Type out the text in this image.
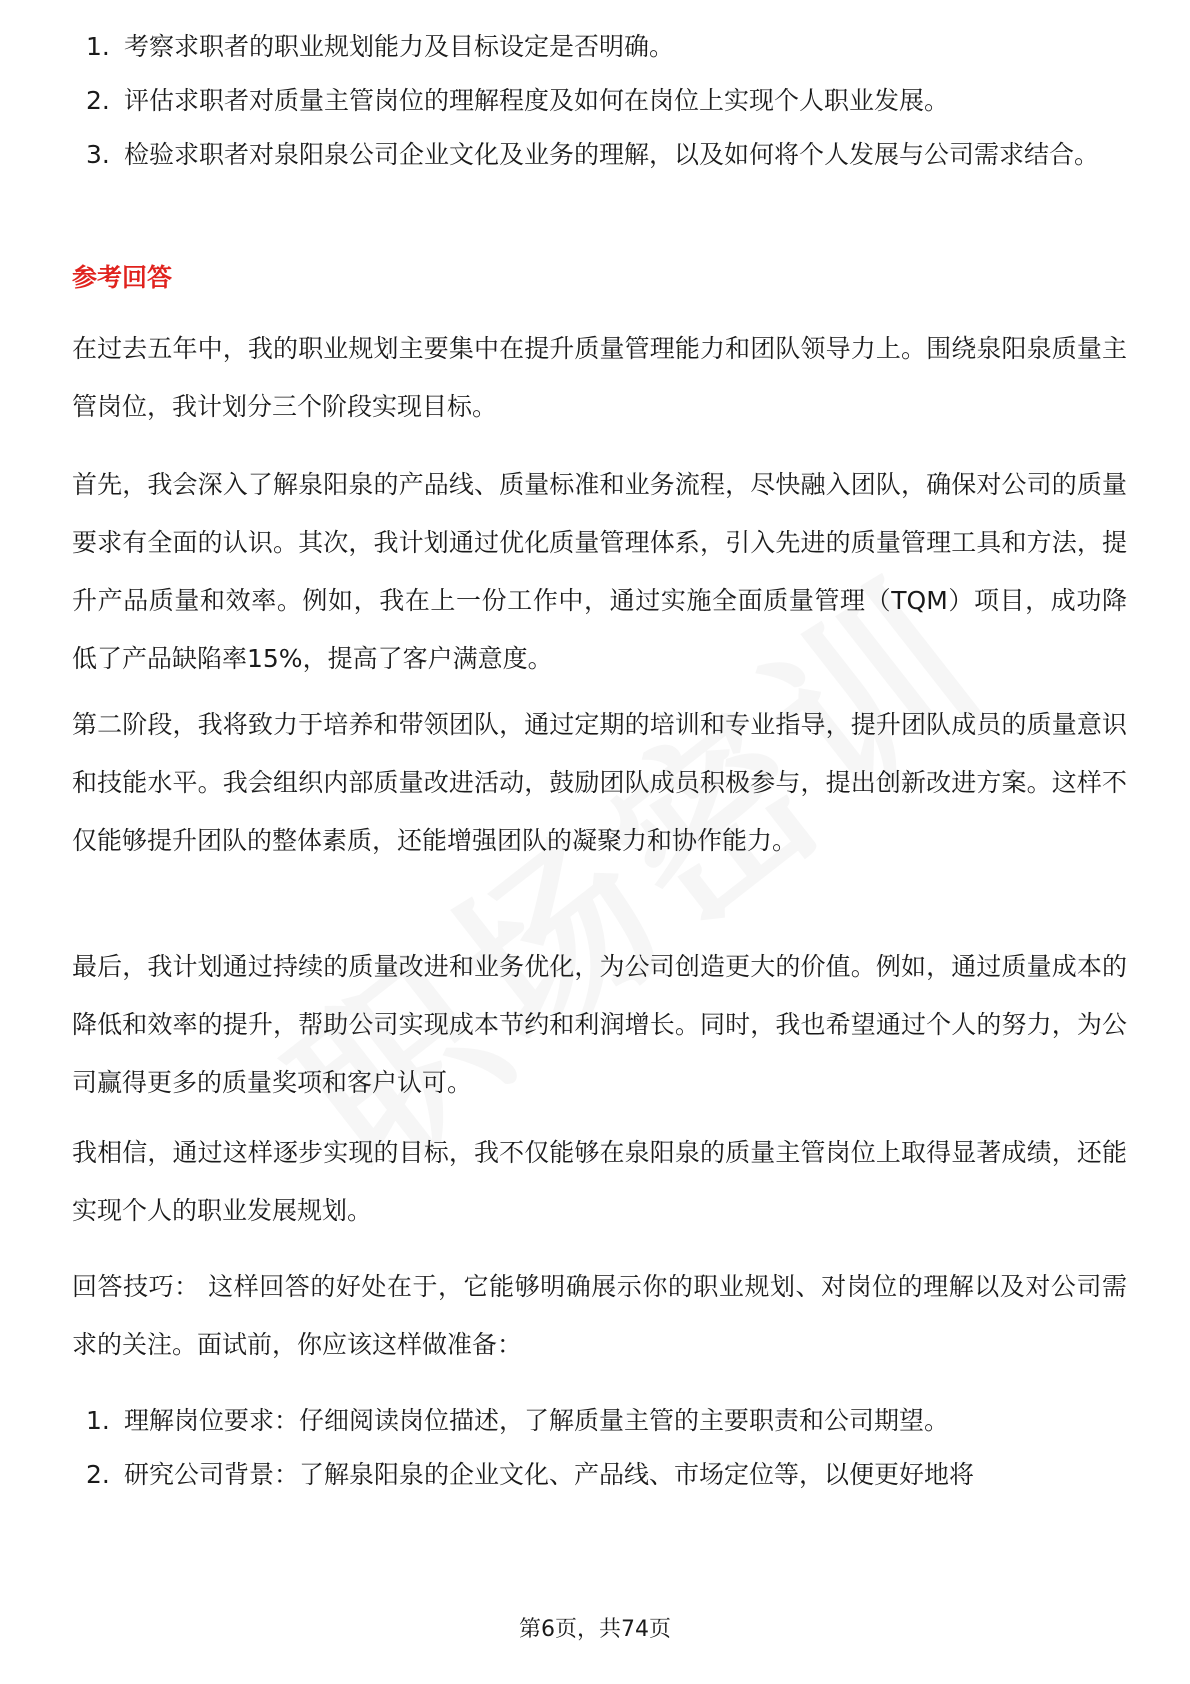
1. 考察求职者的职业规划能力及目标设定是否明确。
2. 评估求职者对质量主管岗位的理解程度及如何在岗位上实现个人职业发展。
3. 检验求职者对泉阳泉公司企业文化及业务的理解，以及如何将个人发展与公司需求结合。
参考回答
在过去五年中，我的职业规划主要集中在提升质量管理能力和团队领导力上。围绕泉阳泉质量主管岗位，我计划分三个阶段实现目标。
首先，我会深入了解泉阳泉的产品线、质量标准和业务流程，尽快融入团队，确保对公司的质量要求有全面的认识。其次，我计划通过优化质量管理体系，引入先进的质量管理工具和方法，提升产品质量和效率。例如，我在上一份工作中，通过实施全面质量管理（TQM）项目，成功降低了产品缺陷率15%，提高了客户满意度。
第二阶段，我将致力于培养和带领团队，通过定期的培训和专业指导，提升团队成员的质量意识和技能水平。我会组织内部质量改进活动，鼓励团队成员积极参与，提出创新改进方案。这样不仅能够提升团队的整体素质，还能增强团队的凝聚力和协作能力。
最后，我计划通过持续的质量改进和业务优化，为公司创造更大的价值。例如，通过质量成本的降低和效率的提升，帮助公司实现成本节约和利润增长。同时，我也希望通过个人的努力，为公司赢得更多的质量奖项和客户认可。
我相信，通过这样逐步实现的目标，我不仅能够在泉阳泉的质量主管岗位上取得显著成绩，还能实现个人的职业发展规划。
回答技巧： 这样回答的好处在于，它能够明确展示你的职业规划、对岗位的理解以及对公司需求的关注。面试前，你应该这样做准备：
1. 理解岗位要求：仔细阅读岗位描述，了解质量主管的主要职责和公司期望。
2. 研究公司背景：了解泉阳泉的企业文化、产品线、市场定位等，以便更好地将
第6页，共74页
